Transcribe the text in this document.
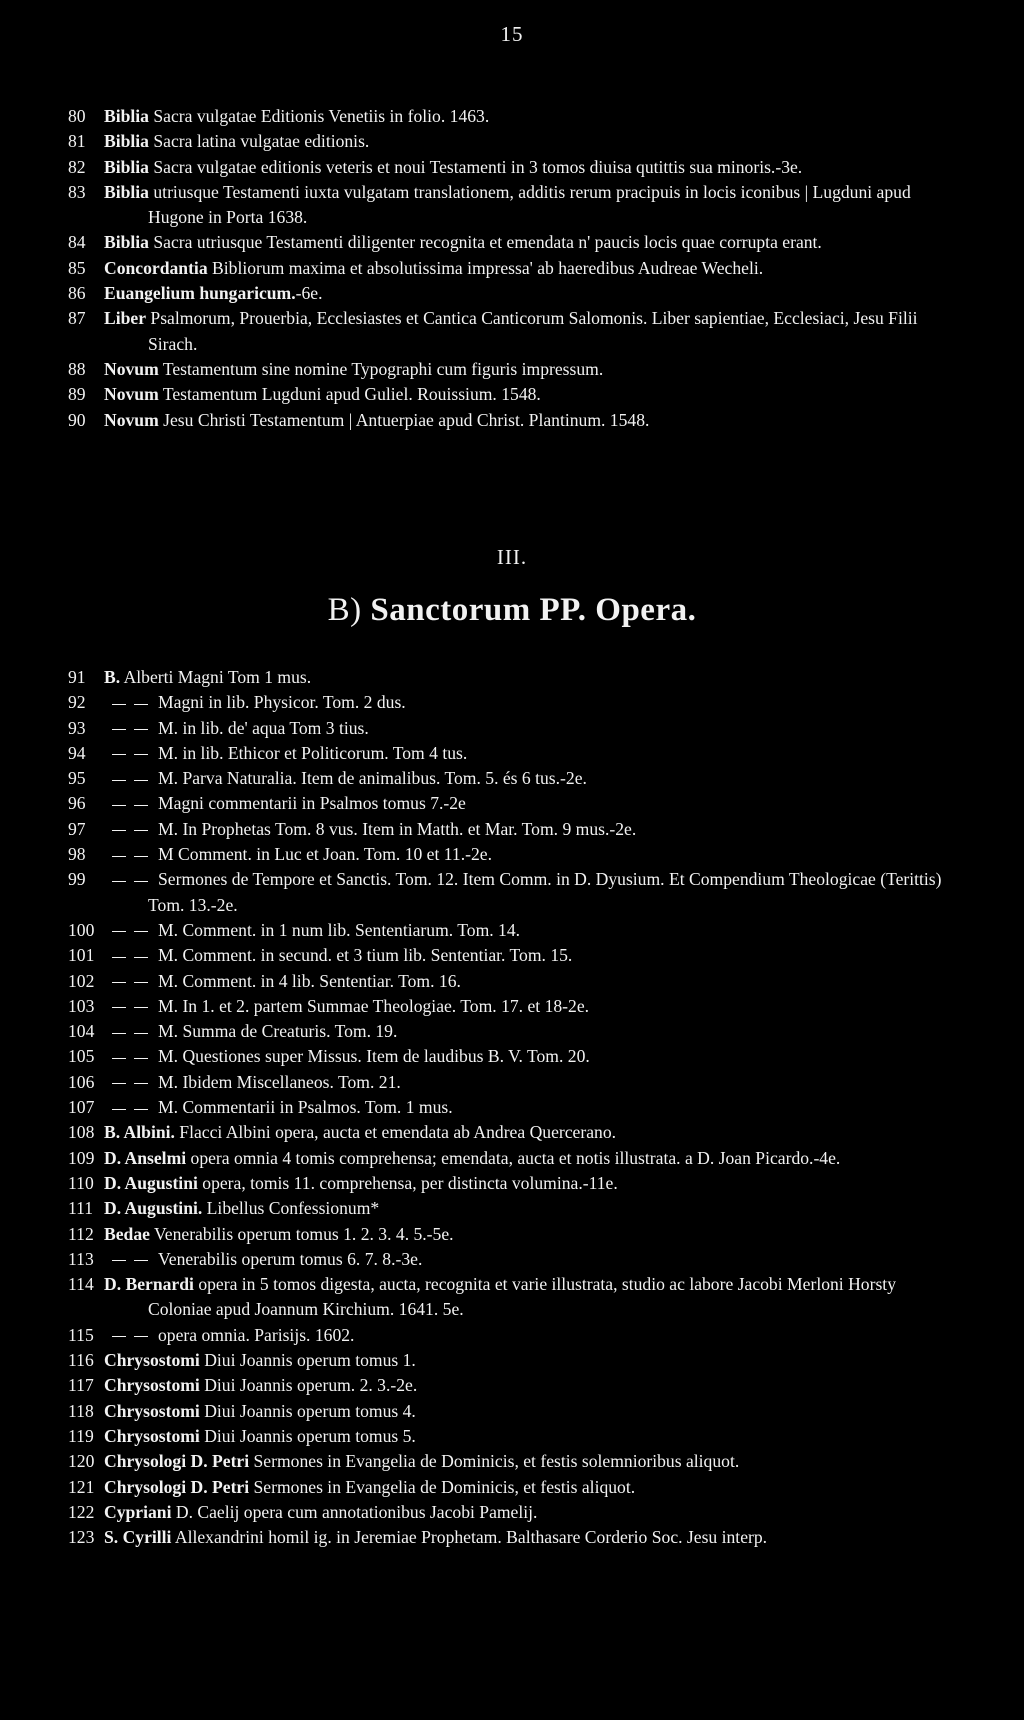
15
80	Biblia Sacra vulgatae Editionis Venetiis in folio. 1463.
81	Biblia Sacra latina vulgatae editionis.
82	Biblia Sacra vulgatae editionis veteris et noui Testamenti in 3 tomos diuisa qutittis sua minoris.-3e.
83	Biblia utriusque Testamenti iuxta vulgatam translationem, additis rerum pracipuis in locis iconibus | Lugduni apud Hugone in Porta 1638.
84	Biblia Sacra utriusque Testamenti diligenter recognita et emendata n' paucis locis quae corrupta erant.
85	Concordantia Bibliorum maxima et absolutissima impressa' ab haeredibus Audreae Wecheli.
86	Euangelium hungaricum.-6e.
87	Liber Psalmorum, Prouerbia, Ecclesiastes et Cantica Canticorum Salomonis. Liber sapientiae, Ecclesiaci, Jesu Filii Sirach.
88	Novum Testamentum sine nomine Typographi cum figuris impressum.
89	Novum Testamentum Lugduni apud Guliel. Rouissium. 1548.
90	Novum Jesu Christi Testamentum | Antuerpiae apud Christ. Plantinum. 1548.
III.
B) Sanctorum PP. Opera.
91	B. Alberti Magni Tom 1 mus.
92	Magni in lib. Physicor. Tom. 2 dus.
93	M. in lib. de' aqua Tom 3 tius.
94	M. in lib. Ethicor et Politicorum. Tom 4 tus.
95	M. Parva Naturalia. Item de animalibus. Tom. 5. és 6 tus.-2e.
96	Magni commentarii in Psalmos tomus 7.-2e
97	M. In Prophetas Tom. 8 vus. Item in Matth. et Mar. Tom. 9 mus.-2e.
98	M Comment. in Luc et Joan. Tom. 10 et 11.-2e.
99	Sermones de Tempore et Sanctis. Tom. 12. Item Comm. in D. Dyusium. Et Compendium Theologicae (Terittis) Tom. 13.-2e.
100	M. Comment. in 1 num lib. Sententiarum. Tom. 14.
101	M. Comment. in secund. et 3 tium lib. Sententiar. Tom. 15.
102	M. Comment. in 4 lib. Sententiar. Tom. 16.
103	M. In 1. et 2. partem Summae Theologiae. Tom. 17. et 18-2e.
104	M. Summa de Creaturis. Tom. 19.
105	M. Questiones super Missus. Item de laudibus B. V. Tom. 20.
106	M. Ibidem Miscellaneos. Tom. 21.
107	M. Commentarii in Psalmos. Tom. 1 mus.
108 B. Albini. Flacci Albini opera, aucta et emendata ab Andrea Quercerano.
109 D. Anselmi opera omnia 4 tomis comprehensa; emendata, aucta et notis illustrata. a D. Joan Picardo.-4e.
110 D. Augustini opera, tomis 11. comprehensa, per distincta volumina.-11e.
111 D. Augustini. Libellus Confessionum*
112 Bedae Venerabilis operum tomus 1. 2. 3. 4. 5.-5e.
113	Venerabilis operum tomus 6. 7. 8.-3e.
114 D. Bernardi opera in 5 tomos digesta, aucta, recognita et varie illustrata, studio ac labore Jacobi Merloni Horsty Coloniae apud Joannum Kirchium. 1641. 5e.
115	opera omnia. Parisijs. 1602.
116 Chrysostomi Diui Joannis operum tomus 1.
117 Chrysostomi Diui Joannis operum. 2. 3.-2e.
118 Chrysostomi Diui Joannis operum tomus 4.
119 Chrysostomi Diui Joannis operum tomus 5.
120 Chrysologi D. Petri Sermones in Evangelia de Dominicis, et festis solemnioribus aliquot.
121 Chrysologi D. Petri Sermones in Evangelia de Dominicis, et festis aliquot.
122 Cypriani D. Caelij opera cum annotationibus Jacobi Pamelij.
123 S. Cyrilli Allexandrini homil ig. in Jeremiae Prophetam. Balthasare Corderio Soc. Jesu interp.
